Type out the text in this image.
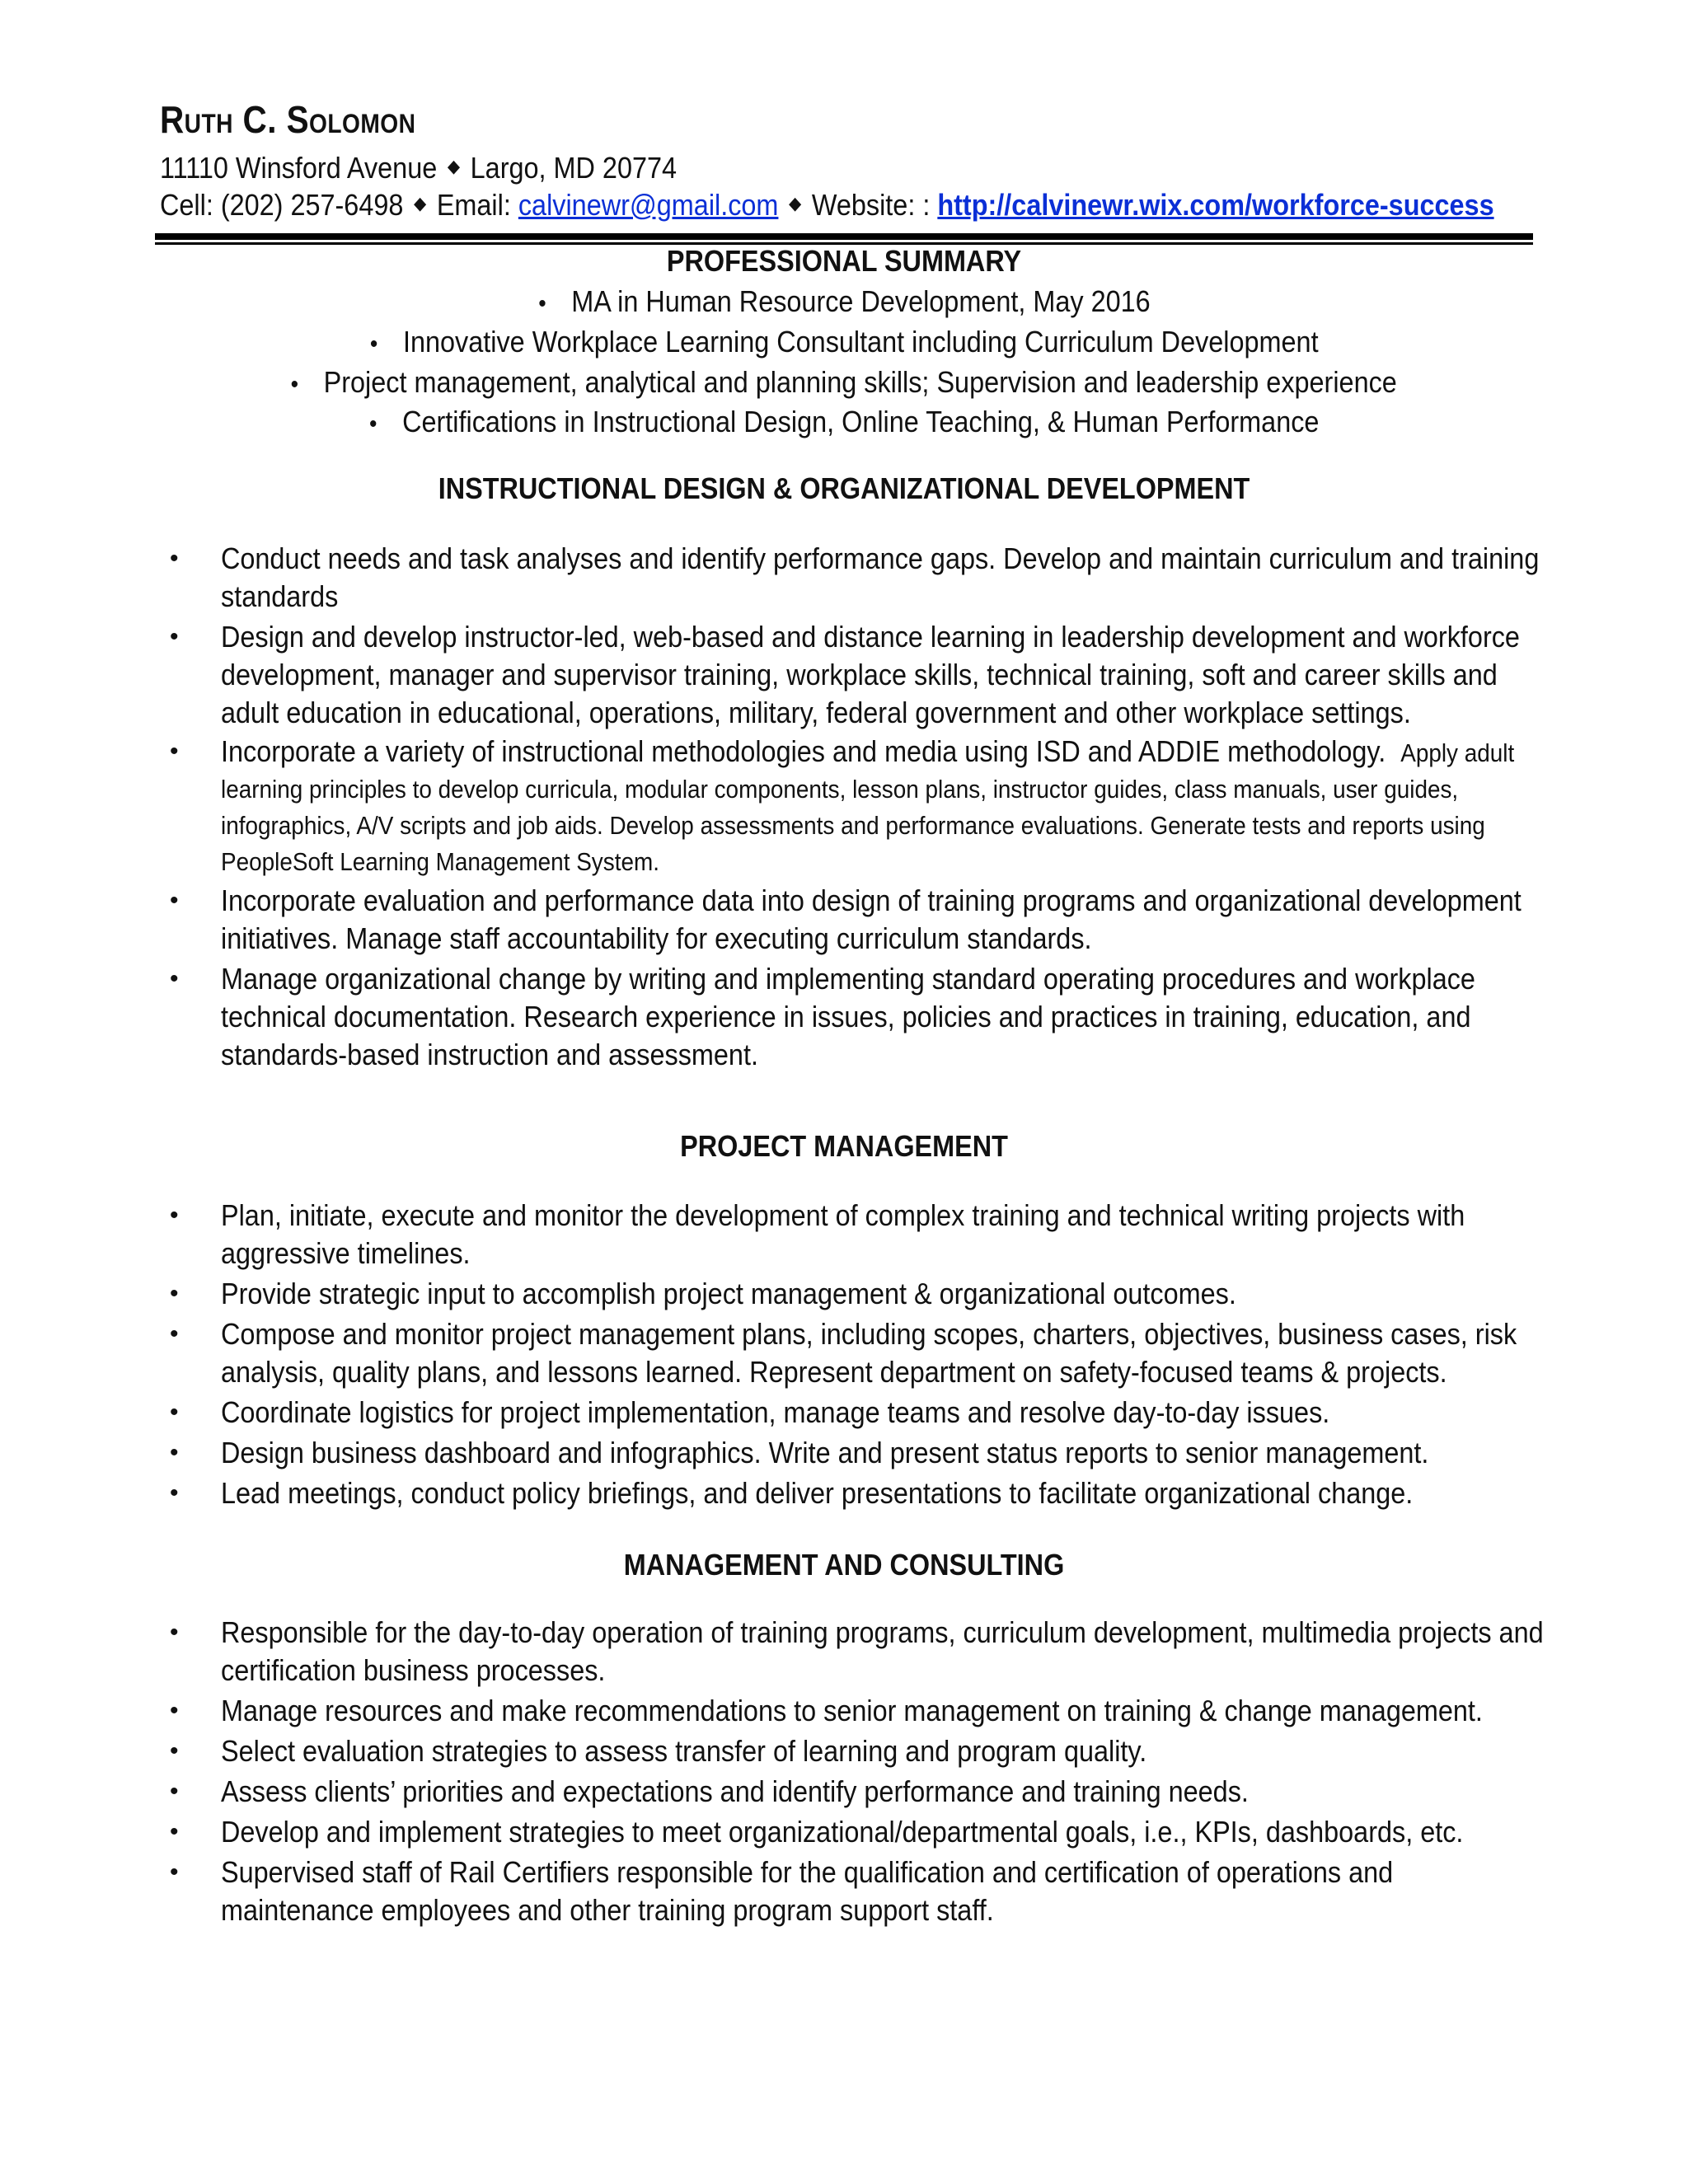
Ruth C. Solomon
11110 Winsford Avenue ◆ Largo, MD 20774
Cell: (202) 257-6498 ◆ Email: calvinewr@gmail.com ◆ Website: : http://calvinewr.wix.com/workforce-success
PROFESSIONAL SUMMARY
• MA in Human Resource Development, May 2016
• Innovative Workplace Learning Consultant including Curriculum Development
• Project management, analytical and planning skills; Supervision and leadership experience
• Certifications in Instructional Design, Online Teaching, & Human Performance
INSTRUCTIONAL DESIGN & ORGANIZATIONAL DEVELOPMENT
• Conduct needs and task analyses and identify performance gaps. Develop and maintain curriculum and training standards
• Design and develop instructor-led, web-based and distance learning in leadership development and workforce development, manager and supervisor training, workplace skills, technical training, soft and career skills and adult education in educational, operations, military, federal government and other workplace settings.
• Incorporate a variety of instructional methodologies and media using ISD and ADDIE methodology. Apply adult learning principles to develop curricula, modular components, lesson plans, instructor guides, class manuals, user guides, infographics, A/V scripts and job aids. Develop assessments and performance evaluations. Generate tests and reports using PeopleSoft Learning Management System.
• Incorporate evaluation and performance data into design of training programs and organizational development initiatives. Manage staff accountability for executing curriculum standards.
• Manage organizational change by writing and implementing standard operating procedures and workplace technical documentation. Research experience in issues, policies and practices in training, education, and standards-based instruction and assessment.
PROJECT MANAGEMENT
• Plan, initiate, execute and monitor the development of complex training and technical writing projects with aggressive timelines.
• Provide strategic input to accomplish project management & organizational outcomes.
• Compose and monitor project management plans, including scopes, charters, objectives, business cases, risk analysis, quality plans, and lessons learned. Represent department on safety-focused teams & projects.
• Coordinate logistics for project implementation, manage teams and resolve day-to-day issues.
• Design business dashboard and infographics. Write and present status reports to senior management.
• Lead meetings, conduct policy briefings, and deliver presentations to facilitate organizational change.
MANAGEMENT AND CONSULTING
• Responsible for the day-to-day operation of training programs, curriculum development, multimedia projects and certification business processes.
• Manage resources and make recommendations to senior management on training & change management.
• Select evaluation strategies to assess transfer of learning and program quality.
• Assess clients’ priorities and expectations and identify performance and training needs.
• Develop and implement strategies to meet organizational/departmental goals, i.e., KPIs, dashboards, etc.
• Supervised staff of Rail Certifiers responsible for the qualification and certification of operations and maintenance employees and other training program support staff.
